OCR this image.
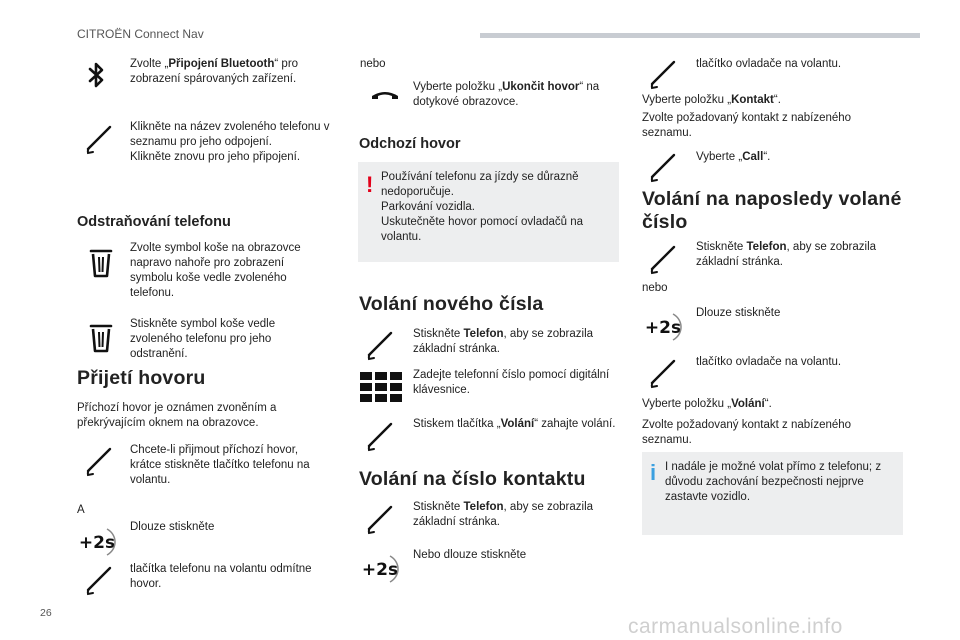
CITROËN Connect Nav
26
carmanualsonline.info
Zvolte „Připojení Bluetooth“ pro zobrazení spárovaných zařízení.
Klikněte na název zvoleného telefonu v seznamu pro jeho odpojení.
Klikněte znovu pro jeho připojení.
Odstraňování telefonu
Zvolte symbol koše na obrazovce napravo nahoře pro zobrazení symbolu koše vedle zvoleného telefonu.
Stiskněte symbol koše vedle zvoleného telefonu pro jeho odstranění.
Přijetí hovoru
Příchozí hovor je oznámen zvoněním a překrývajícím oknem na obrazovce.
Chcete-li přijmout příchozí hovor, krátce stiskněte tlačítko telefonu na volantu.
A
+2s
Dlouze stiskněte
tlačítka telefonu na volantu odmítne hovor.
nebo
Vyberte položku „Ukončit hovor“ na dotykové obrazovce.
Odchozí hovor
! Používání telefonu za jízdy se důrazně nedoporučuje.
Parkování vozidla.
Uskutečněte hovor pomocí ovladačů na volantu.
Volání nového čísla
Stiskněte Telefon, aby se zobrazila základní stránka.
Zadejte telefonní číslo pomocí digitální klávesnice.
Stiskem tlačítka „Volání“ zahajte volání.
Volání na číslo kontaktu
Stiskněte Telefon, aby se zobrazila základní stránka.
+2s
Nebo dlouze stiskněte
tlačítko ovladače na volantu.
Vyberte položku „Kontakt“.
Zvolte požadovaný kontakt z nabízeného seznamu.
Vyberte „Call“.
Volání na naposledy volané číslo
Stiskněte Telefon, aby se zobrazila základní stránka.
nebo
+2s
Dlouze stiskněte
tlačítko ovladače na volantu.
Vyberte položku „Volání“.
Zvolte požadovaný kontakt z nabízeného seznamu.
i I nadále je možné volat přímo z telefonu; z důvodu zachování bezpečnosti nejprve zastavte vozidlo.
